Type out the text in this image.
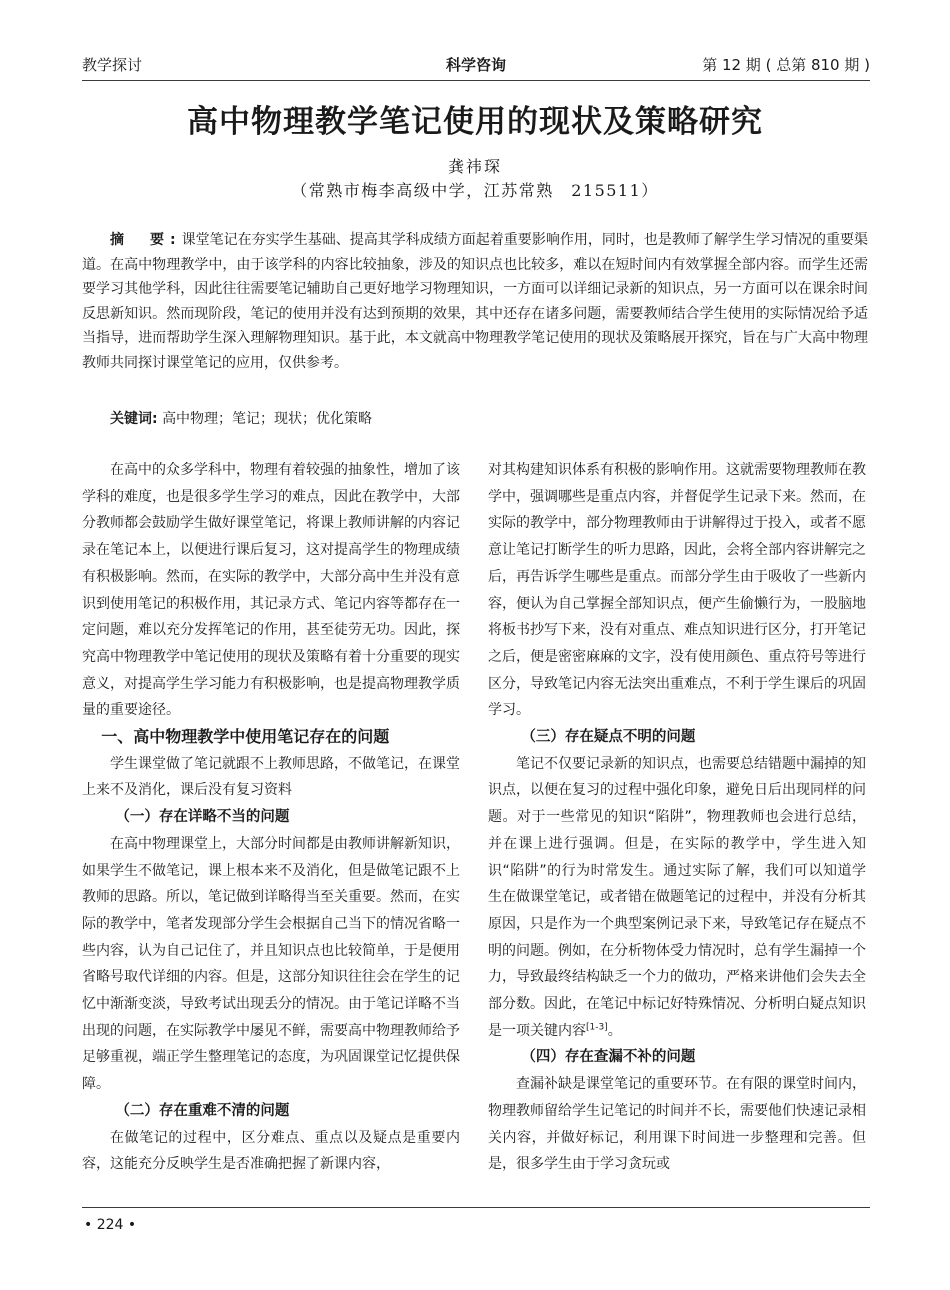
教学探讨	科学咨询	第 12 期 ( 总第 810 期 )
高中物理教学笔记使用的现状及策略研究
龚祎琛
（常熟市梅李高级中学，江苏常熟　215511）
摘　要:课堂笔记在夯实学生基础、提高其学科成绩方面起着重要影响作用，同时，也是教师了解学生学习情况的重要渠道。在高中物理教学中，由于该学科的内容比较抽象，涉及的知识点也比较多，难以在短时间内有效掌握全部内容。而学生还需要学习其他学科，因此往往需要笔记辅助自己更好地学习物理知识，一方面可以详细记录新的知识点，另一方面可以在课余时间反思新知识。然而现阶段，笔记的使用并没有达到预期的效果，其中还存在诸多问题，需要教师结合学生使用的实际情况给予适当指导，进而帮助学生深入理解物理知识。基于此，本文就高中物理教学笔记使用的现状及策略展开探究，旨在与广大高中物理教师共同探讨课堂笔记的应用，仅供参考。
关键词: 高中物理；笔记；现状；优化策略

在高中的众多学科中，物理有着较强的抽象性，增加了该学科的难度，也是很多学生学习的难点，因此在教学中，大部分教师都会鼓励学生做好课堂笔记，将课上教师讲解的内容记录在笔记本上，以便进行课后复习，这对提高学生的物理成绩有积极影响。然而，在实际的教学中，大部分高中生并没有意识到使用笔记的积极作用，其记录方式、笔记内容等都存在一定问题，难以充分发挥笔记的作用，甚至徒劳无功。因此，探究高中物理教学中笔记使用的现状及策略有着十分重要的现实意义，对提高学生学习能力有积极影响，也是提高物理教学质量的重要途径。

一、高中物理教学中使用笔记存在的问题

学生课堂做了笔记就跟不上教师思路，不做笔记，在课堂上来不及消化，课后没有复习资料

（一）存在详略不当的问题

在高中物理课堂上，大部分时间都是由教师讲解新知识，如果学生不做笔记，课上根本来不及消化，但是做笔记跟不上教师的思路。所以，笔记做到详略得当至关重要。然而，在实际的教学中，笔者发现部分学生会根据自己当下的情况省略一些内容，认为自己记住了，并且知识点也比较简单，于是便用省略号取代详细的内容。但是，这部分知识往往会在学生的记忆中渐渐变淡，导致考试出现丢分的情况。由于笔记详略不当出现的问题，在实际教学中屡见不鲜，需要高中物理教师给予足够重视，端正学生整理笔记的态度，为巩固课堂记忆提供保障。

（二）存在重难不清的问题

在做笔记的过程中，区分难点、重点以及疑点是重要内容，这能充分反映学生是否准确把握了新课内容，

对其构建知识体系有积极的影响作用。这就需要物理教师在教学中，强调哪些是重点内容，并督促学生记录下来。然而，在实际的教学中，部分物理教师由于讲解得过于投入，或者不愿意让笔记打断学生的听力思路，因此，会将全部内容讲解完之后，再告诉学生哪些是重点。而部分学生由于吸收了一些新内容，便认为自己掌握全部知识点，便产生偷懒行为，一股脑地将板书抄写下来，没有对重点、难点知识进行区分，打开笔记之后，便是密密麻麻的文字，没有使用颜色、重点符号等进行区分，导致笔记内容无法突出重难点，不利于学生课后的巩固学习。

（三）存在疑点不明的问题

笔记不仅要记录新的知识点，也需要总结错题中漏掉的知识点，以便在复习的过程中强化印象，避免日后出现同样的问题。对于一些常见的知识“陷阱”，物理教师也会进行总结，并在课上进行强调。但是，在实际的教学中，学生进入知识“陷阱”的行为时常发生。通过实际了解，我们可以知道学生在做课堂笔记，或者错在做题笔记的过程中，并没有分析其原因，只是作为一个典型案例记录下来，导致笔记存在疑点不明的问题。例如，在分析物体受力情况时，总有学生漏掉一个力，导致最终结构缺乏一个力的做功，严格来讲他们会失去全部分数。因此，在笔记中标记好特殊情况、分析明白疑点知识是一项关键内容[1-3]。

（四）存在查漏不补的问题

查漏补缺是课堂笔记的重要环节。在有限的课堂时间内，物理教师留给学生记笔记的时间并不长，需要他们快速记录相关内容，并做好标记，利用课下时间进一步整理和完善。但是，很多学生由于学习贪玩或

• 224 •
